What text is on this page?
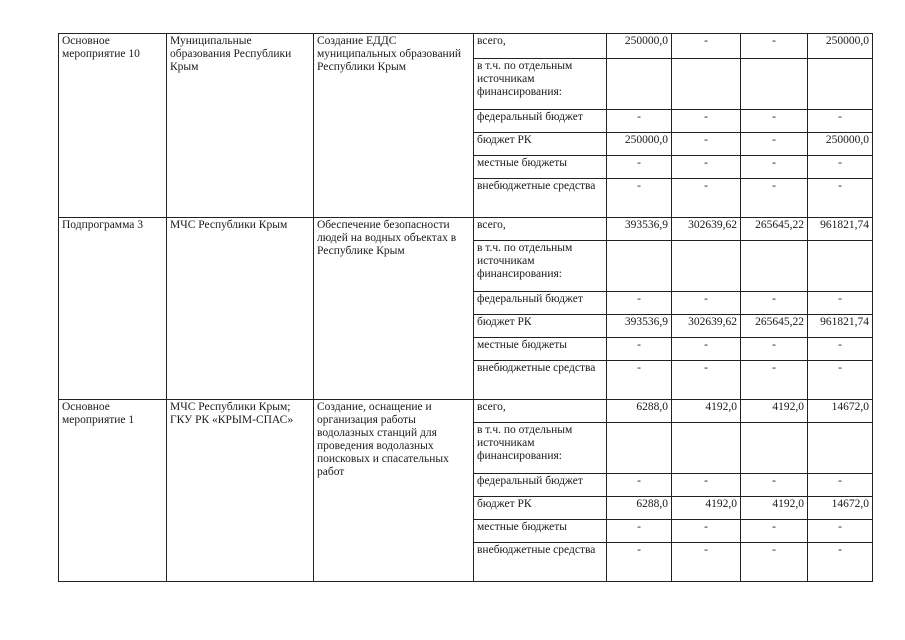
Основное мероприятие 10	Муниципальные образования Республики Крым	Создание ЕДДС муниципальных образований Республики Крым	всего,	250000,0	-	-	250000,0
			в т.ч. по отдельным источникам финансирования:				
			федеральный бюджет	-	-	-	-
			бюджет РК	250000,0	-	-	250000,0
			местные бюджеты	-	-	-	-
			внебюджетные средства	-	-	-	-
Подпрограмма 3	МЧС Республики Крым	Обеспечение безопасности людей на водных объектах в Республике Крым	всего,	393536,9	302639,62	265645,22	961821,74
			в т.ч. по отдельным источникам финансирования:				
			федеральный бюджет	-	-	-	-
			бюджет РК	393536,9	302639,62	265645,22	961821,74
			местные бюджеты	-	-	-	-
			внебюджетные средства	-	-	-	-
Основное мероприятие 1	МЧС Республики Крым; ГКУ РК «КРЫМ-СПАС»	Создание, оснащение и организация работы водолазных станций для проведения водолазных поисковых и спасательных работ	всего,	6288,0	4192,0	4192,0	14672,0
			в т.ч. по отдельным источникам финансирования:				
			федеральный бюджет	-	-	-	-
			бюджет РК	6288,0	4192,0	4192,0	14672,0
			местные бюджеты	-	-	-	-
			внебюджетные средства	-	-	-	-
